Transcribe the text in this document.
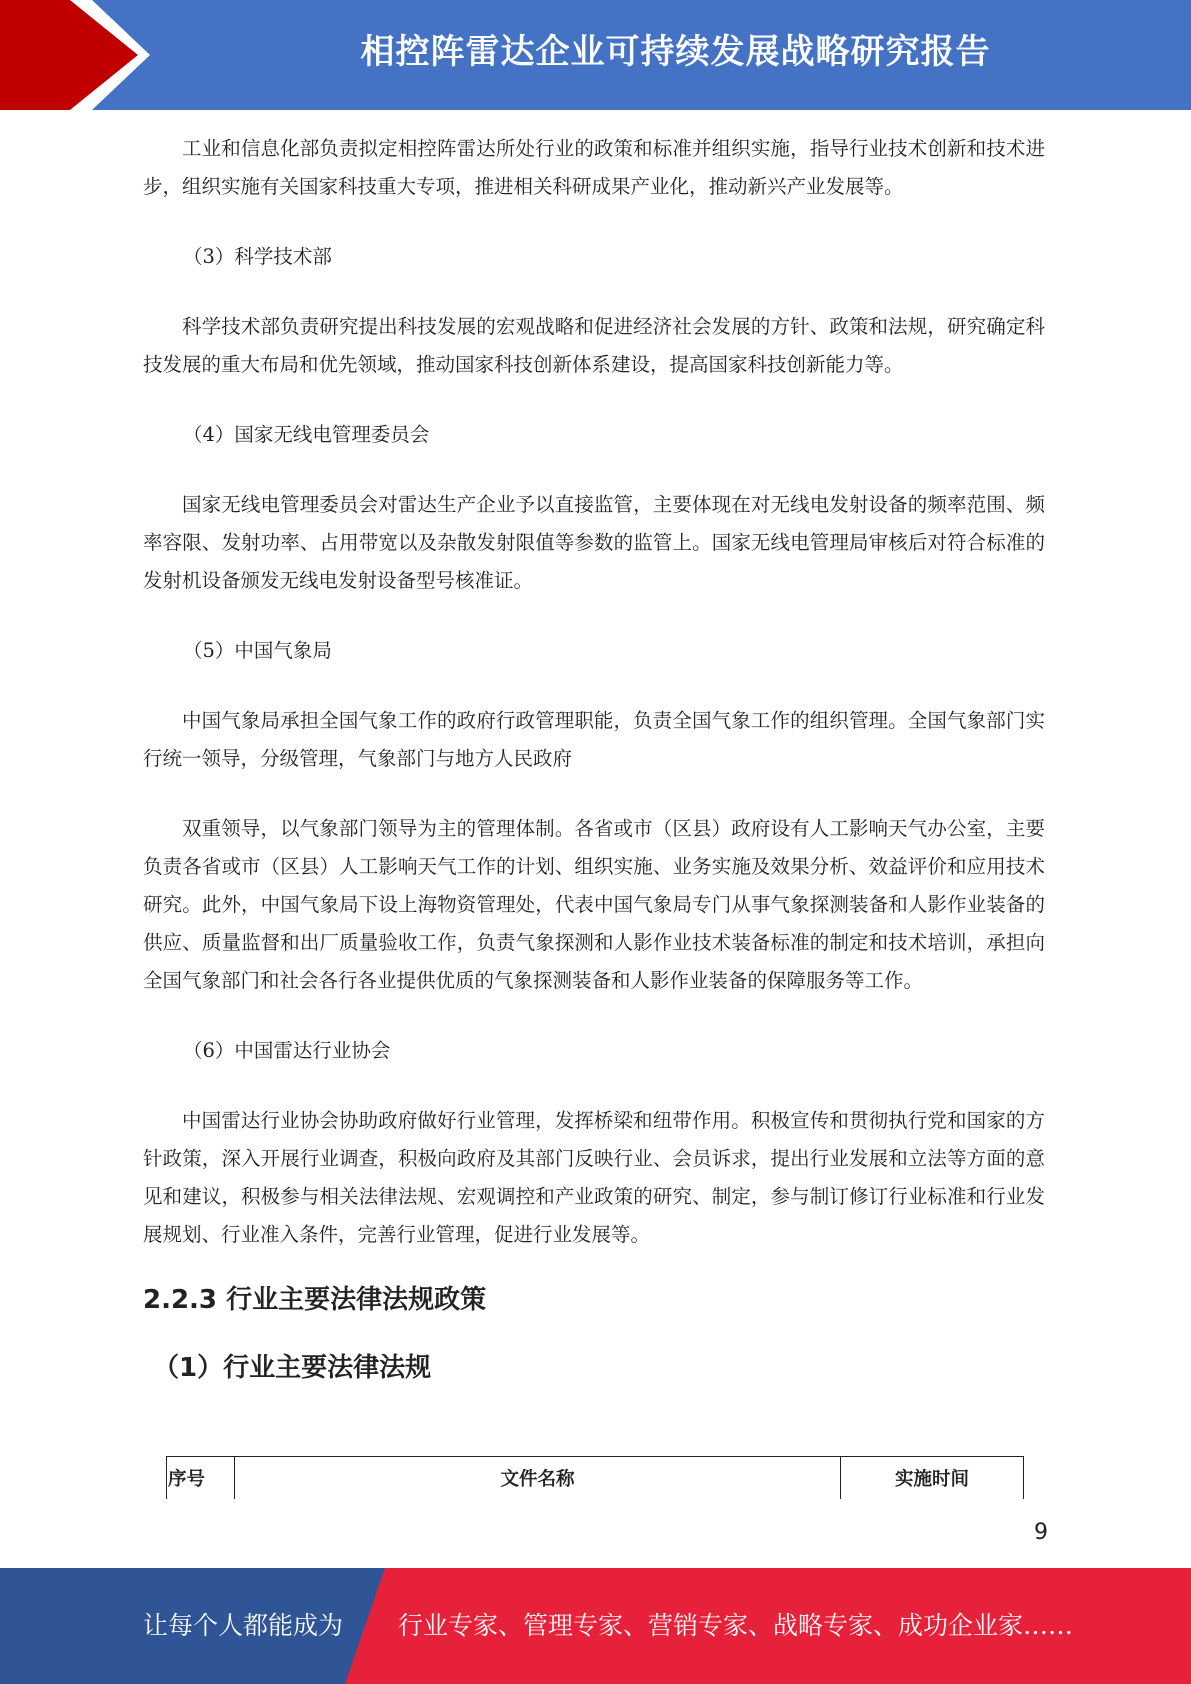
相控阵雷达企业可持续发展战略研究报告

工业和信息化部负责拟定相控阵雷达所处行业的政策和标准并组织实施，指导行业技术创新和技术进步，组织实施有关国家科技重大专项，推进相关科研成果产业化，推动新兴产业发展等。

（3）科学技术部

科学技术部负责研究提出科技发展的宏观战略和促进经济社会发展的方针、政策和法规，研究确定科技发展的重大布局和优先领域，推动国家科技创新体系建设，提高国家科技创新能力等。

（4）国家无线电管理委员会

国家无线电管理委员会对雷达生产企业予以直接监管，主要体现在对无线电发射设备的频率范围、频率容限、发射功率、占用带宽以及杂散发射限值等参数的监管上。国家无线电管理局审核后对符合标准的发射机设备颁发无线电发射设备型号核准证。

（5）中国气象局

中国气象局承担全国气象工作的政府行政管理职能，负责全国气象工作的组织管理。全国气象部门实行统一领导，分级管理，气象部门与地方人民政府

双重领导，以气象部门领导为主的管理体制。各省或市（区县）政府设有人工影响天气办公室，主要负责各省或市（区县）人工影响天气工作的计划、组织实施、业务实施及效果分析、效益评价和应用技术研究。此外，中国气象局下设上海物资管理处，代表中国气象局专门从事气象探测装备和人影作业装备的供应、质量监督和出厂质量验收工作，负责气象探测和人影作业技术装备标准的制定和技术培训，承担向全国气象部门和社会各行各业提供优质的气象探测装备和人影作业装备的保障服务等工作。

（6）中国雷达行业协会

中国雷达行业协会协助政府做好行业管理，发挥桥梁和纽带作用。积极宣传和贯彻执行党和国家的方针政策，深入开展行业调查，积极向政府及其部门反映行业、会员诉求，提出行业发展和立法等方面的意见和建议，积极参与相关法律法规、宏观调控和产业政策的研究、制定，参与制订修订行业标准和行业发展规划、行业准入条件，完善行业管理，促进行业发展等。

2.2.3 行业主要法律法规政策
（1）行业主要法律法规
序号	文件名称	实施时间
9
让每个人都能成为 行业专家、管理专家、营销专家、战略专家、成功企业家……
